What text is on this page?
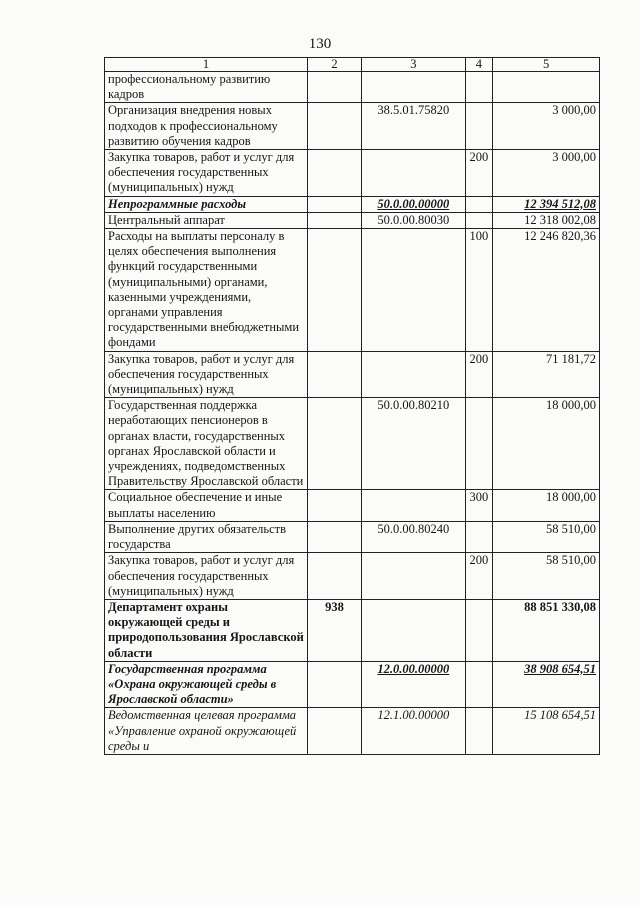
130
1	2	3	4	5
профессиональному развитию кадров				
Организация внедрения новых подходов к профессиональному развитию обучения кадров		38.5.01.75820		3 000,00
Закупка товаров, работ и услуг для обеспечения государственных (муниципальных) нужд			200	3 000,00
Непрограммные расходы		50.0.00.00000		12 394 512,08
Центральный аппарат		50.0.00.80030		12 318 002,08
Расходы на выплаты персоналу в целях обеспечения выполнения функций государственными (муниципальными) органами, казенными учреждениями, органами управления государственными внебюджетными фондами			100	12 246 820,36
Закупка товаров, работ и услуг для обеспечения государственных (муниципальных) нужд			200	71 181,72
Государственная поддержка неработающих пенсионеров в органах власти, государственных органах Ярославской области и учреждениях, подведомственных Правительству Ярославской области		50.0.00.80210		18 000,00
Социальное обеспечение и иные выплаты населению			300	18 000,00
Выполнение других обязательств государства		50.0.00.80240		58 510,00
Закупка товаров, работ и услуг для обеспечения государственных (муниципальных) нужд			200	58 510,00
Департамент охраны окружающей среды и природопользования Ярославской области	938			88 851 330,08
Государственная программа «Охрана окружающей среды в Ярославской области»		12.0.00.00000		38 908 654,51
Ведомственная целевая программа «Управление охраной окружающей среды и		12.1.00.00000		15 108 654,51
